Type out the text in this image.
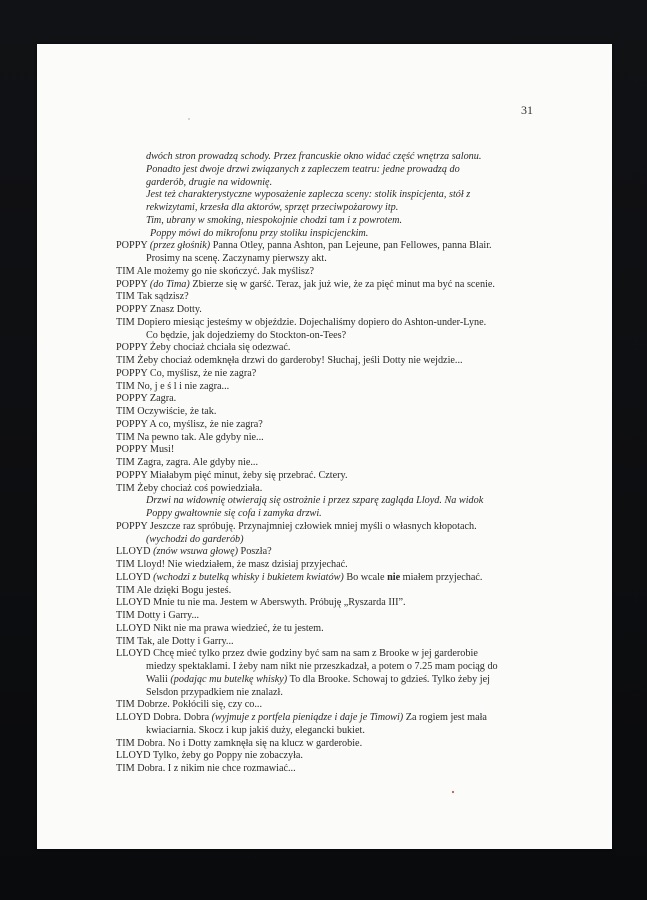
31
dwóch stron prowadzą schody. Przez francuskie okno widać część wnętrza salonu.
Ponadto jest dwoje drzwi związanych z zapleczem teatru: jedne prowadzą do
garderób, drugie na widownię.
Jest też charakterystyczne wyposażenie zaplecza sceny: stolik inspicjenta, stół z
rekwizytami, krzesła dla aktorów, sprzęt przeciwpożarowy itp.
Tim, ubrany w smoking, niespokojnie chodzi tam i z powrotem.
Poppy mówi do mikrofonu przy stoliku inspicjenckim.
POPPY (przez głośnik) Panna Otley, panna Ashton, pan Lejeune, pan Fellowes, panna Blair.
Prosimy na scenę. Zaczynamy pierwszy akt.
TIM Ale możemy go nie skończyć. Jak myślisz?
POPPY (do Tima) Zbierze się w garść. Teraz, jak już wie, że za pięć minut ma być na scenie.
TIM Tak sądzisz?
POPPY Znasz Dotty.
TIM Dopiero miesiąc jesteśmy w objeździe. Dojechaliśmy dopiero do Ashton-under-Lyne.
Co będzie, jak dojedziemy do Stockton-on-Tees?
POPPY Żeby chociaż chciała się odezwać.
TIM Żeby chociaż odemknęła drzwi do garderoby! Słuchaj, jeśli Dotty nie wejdzie...
POPPY Co, myślisz, że nie zagra?
TIM No, j e ś l i nie zagra...
POPPY Zagra.
TIM Oczywiście, że tak.
POPPY A co, myślisz, że nie zagra?
TIM Na pewno tak. Ale gdyby nie...
POPPY Musi!
TIM Zagra, zagra. Ale gdyby nie...
POPPY Miałabym pięć minut, żeby się przebrać. Cztery.
TIM Żeby chociaż coś powiedziała.
Drzwi na widownię otwierają się ostrożnie i przez szparę zagląda Lloyd. Na widok
Poppy gwałtownie się cofa i zamyka drzwi.
POPPY Jeszcze raz spróbuję. Przynajmniej człowiek mniej myśli o własnych kłopotach.
(wychodzi do garderób)
LLOYD (znów wsuwa głowę) Poszła?
TIM Lloyd! Nie wiedziałem, że masz dzisiaj przyjechać.
LLOYD (wchodzi z butelką whisky i bukietem kwiatów) Bo wcale nie miałem przyjechać.
TIM Ale dzięki Bogu jesteś.
LLOYD Mnie tu nie ma. Jestem w Aberswyth. Próbuję „Ryszarda III”.
TIM Dotty i Garry...
LLOYD Nikt nie ma prawa wiedzieć, że tu jestem.
TIM Tak, ale Dotty i Garry...
LLOYD Chcę mieć tylko przez dwie godziny być sam na sam z Brooke w jej garderobie
miedzy spektaklami. I żeby nam nikt nie przeszkadzał, a potem o 7.25 mam pociąg do
Walii (podając mu butelkę whisky) To dla Brooke. Schowaj to gdzieś. Tylko żeby jej
Selsdon przypadkiem nie znalazł.
TIM Dobrze. Pokłócili się, czy co...
LLOYD Dobra. Dobra (wyjmuje z portfela pieniądze i daje je Timowi) Za rogiem jest mała
kwiaciarnia. Skocz i kup jakiś duży, elegancki bukiet.
TIM Dobra. No i Dotty zamknęła się na klucz w garderobie.
LLOYD Tylko, żeby go Poppy nie zobaczyła.
TIM Dobra. I z nikim nie chce rozmawiać...
